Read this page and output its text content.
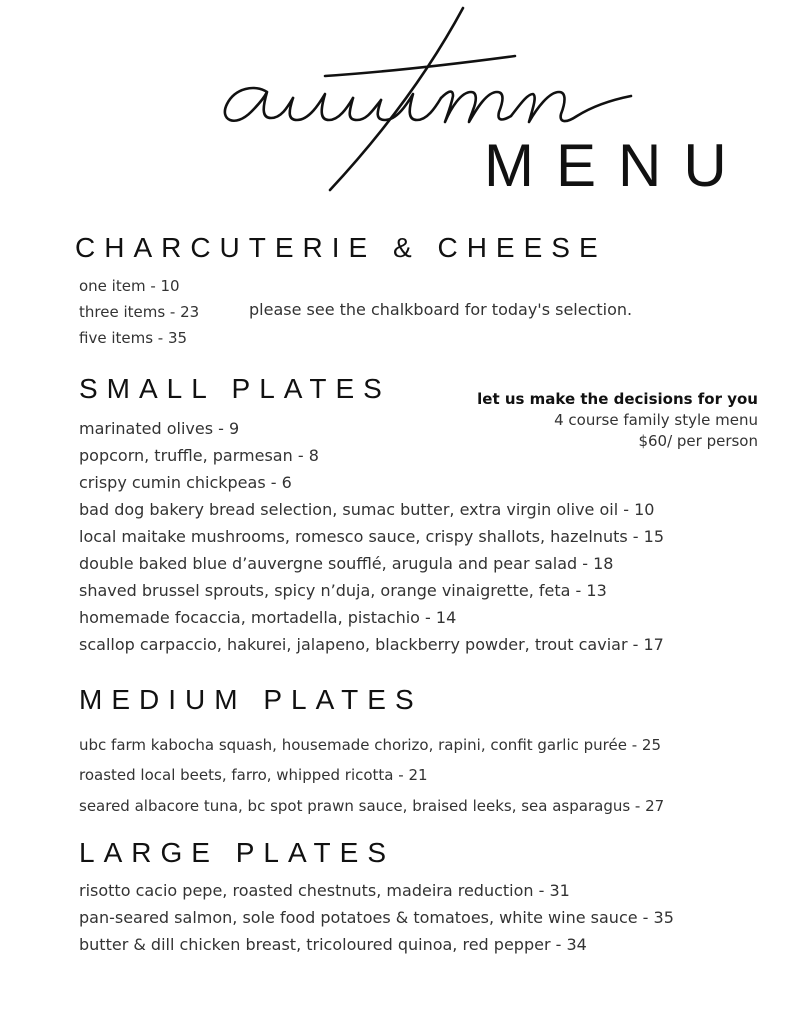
MENU
CHARCUTERIE & CHEESE
one item - 10
three items - 23
five items - 35
please see the chalkboard for today's selection.
SMALL PLATES	let us make the decisions for you
4 course family style menu
$60/ per person
marinated olives - 9
popcorn, truffle, parmesan - 8
crispy cumin chickpeas - 6
bad dog bakery bread selection, sumac butter, extra virgin olive oil - 10
local maitake mushrooms, romesco sauce, crispy shallots, hazelnuts - 15
double baked blue d’auvergne soufflé, arugula and pear salad - 18
shaved brussel sprouts, spicy n’duja, orange vinaigrette, feta - 13
homemade focaccia, mortadella, pistachio - 14
scallop carpaccio, hakurei, jalapeno, blackberry powder, trout caviar - 17
MEDIUM PLATES
ubc farm kabocha squash, housemade chorizo, rapini, confit garlic purée - 25
roasted local beets, farro, whipped ricotta - 21
seared albacore tuna, bc spot prawn sauce, braised leeks, sea asparagus - 27
LARGE PLATES
risotto cacio pepe, roasted chestnuts, madeira reduction - 31
pan-seared salmon, sole food potatoes & tomatoes, white wine sauce - 35
butter & dill chicken breast, tricoloured quinoa, red pepper - 34
